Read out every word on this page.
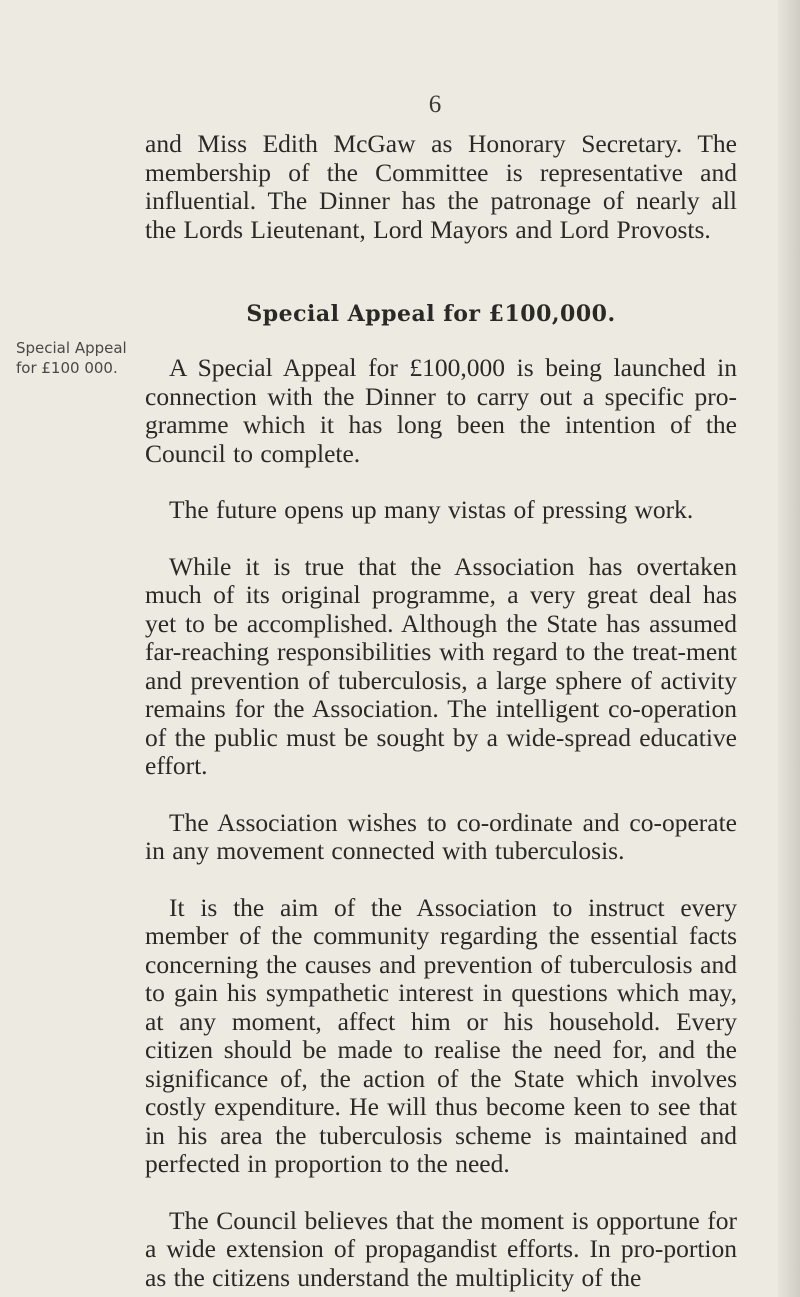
6
Special Appeal
for £100 000.

and Miss Edith McGaw as Honorary Secretary. The membership of the Committee is representative and influential. The Dinner has the patronage of nearly all the Lords Lieutenant, Lord Mayors and Lord Provosts.

Special Appeal for £100,000.

A Special Appeal for £100,000 is being launched in connection with the Dinner to carry out a specific pro-gramme which it has long been the intention of the Council to complete.

The future opens up many vistas of pressing work.

While it is true that the Association has overtaken much of its original programme, a very great deal has yet to be accomplished. Although the State has assumed far-reaching responsibilities with regard to the treat-ment and prevention of tuberculosis, a large sphere of activity remains for the Association. The intelligent co-operation of the public must be sought by a wide-spread educative effort.

The Association wishes to co-ordinate and co-operate in any movement connected with tuberculosis.

It is the aim of the Association to instruct every member of the community regarding the essential facts concerning the causes and prevention of tuberculosis and to gain his sympathetic interest in questions which may, at any moment, affect him or his household. Every citizen should be made to realise the need for, and the significance of, the action of the State which involves costly expenditure. He will thus become keen to see that in his area the tuberculosis scheme is maintained and perfected in proportion to the need.

The Council believes that the moment is opportune for a wide extension of propagandist efforts. In pro-portion as the citizens understand the multiplicity of the
